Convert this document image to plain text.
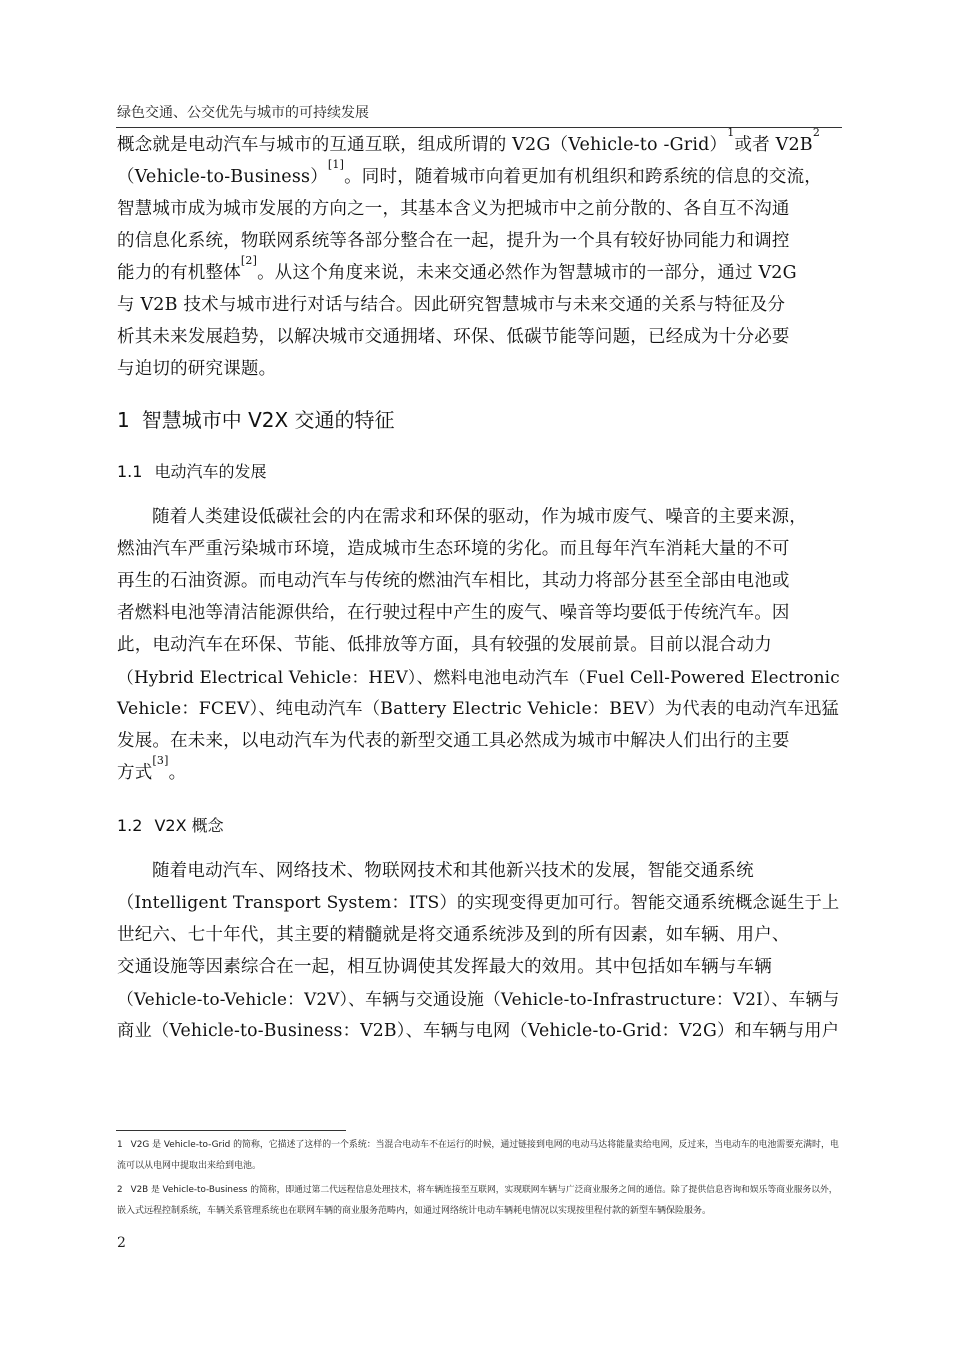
绿色交通、公交优先与城市的可持续发展
概念就是电动汽车与城市的互通互联，组成所谓的 V2G（Vehicle-to -Grid）$^1$或者 $V2B^2$
（Vehicle-to-Business）[1]。同时，随着城市向着更加有机组织和跨系统的信息的交流，
智慧城市成为城市发展的方向之一，其基本含义为把城市中之前分散的、各自互不沟通
的信息化系统，物联网系统等各部分整合在一起，提升为一个具有较好协同能力和调控
能力的有机整体[2]。从这个角度来说，未来交通必然作为智慧城市的一部分，通过 V2G
与 V2B 技术与城市进行对话与结合。因此研究智慧城市与未来交通的关系与特征及分
析其未来发展趋势，以解决城市交通拥堵、环保、低碳节能等问题，已经成为十分必要
与迫切的研究课题。
1 智慧城市中 V2X 交通的特征
1.1 电动汽车的发展
随着人类建设低碳社会的内在需求和环保的驱动，作为城市废气、噪音的主要来源，
燃油汽车严重污染城市环境，造成城市生态环境的劣化。而且每年汽车消耗大量的不可
再生的石油资源。而电动汽车与传统的燃油汽车相比，其动力将部分甚至全部由电池或
者燃料电池等清洁能源供给，在行驶过程中产生的废气、噪音等均要低于传统汽车。因
此，电动汽车在环保、节能、低排放等方面，具有较强的发展前景。目前以混合动力
（Hybrid Electrical Vehicle：HEV）、燃料电池电动汽车（Fuel Cell-Powered Electronic
Vehicle：FCEV）、纯电动汽车（Battery Electric Vehicle：BEV）为代表的电动汽车迅猛
发展。在未来，以电动汽车为代表的新型交通工具必然成为城市中解决人们出行的主要
方式[3]。
1.2 V2X 概念
随着电动汽车、网络技术、物联网技术和其他新兴技术的发展，智能交通系统
（Intelligent Transport System：ITS）的实现变得更加可行。智能交通系统概念诞生于上
世纪六、七十年代，其主要的精髓就是将交通系统涉及到的所有因素，如车辆、用户、
交通设施等因素综合在一起，相互协调使其发挥最大的效用。其中包括如车辆与车辆
（Vehicle-to-Vehicle：V2V）、车辆与交通设施（Vehicle-to-Infrastructure：V2I）、车辆与
商业（Vehicle-to-Business：V2B）、车辆与电网（Vehicle-to-Grid：V2G）和车辆与用户
1 V2G 是 Vehicle-to-Grid 的简称，它描述了这样的一个系统：当混合电动车不在运行的时候，通过链接到电网的电动马达将能量卖给电网，反过来，当电动车的电池需要充满时，电
流可以从电网中提取出来给到电池。
2 V2B 是 Vehicle-to-Business 的简称，即通过第二代远程信息处理技术，将车辆连接至互联网，实现联网车辆与广泛商业服务之间的通信。除了提供信息咨询和娱乐等商业服务以外，
嵌入式远程控制系统，车辆关系管理系统也在联网车辆的商业服务范畴内，如通过网络统计电动车辆耗电情况以实现按里程付款的新型车辆保险服务。
2
